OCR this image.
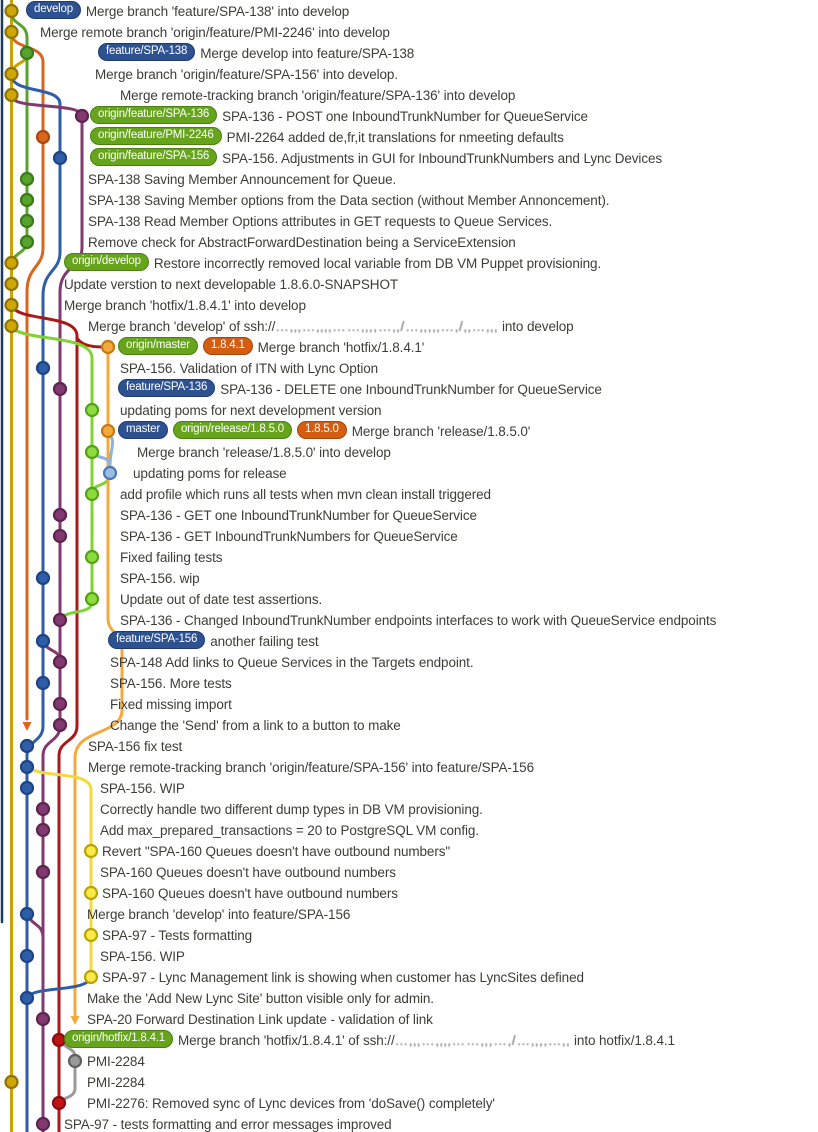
develop Merge branch 'feature/SPA-138' into develop
Merge remote branch 'origin/feature/PMI-2246' into develop
feature/SPA-138 Merge develop into feature/SPA-138
Merge branch 'origin/feature/SPA-156' into develop.
Merge remote-tracking branch 'origin/feature/SPA-136' into develop
origin/feature/SPA-136 SPA-136 - POST one InboundTrunkNumber for QueueService
origin/feature/PMI-2246 PMI-2264 added de,fr,it translations for nmeeting defaults
origin/feature/SPA-156 SPA-156. Adjustments in GUI for InboundTrunkNumbers and Lync Devices
SPA-138 Saving Member Announcement for Queue.
SPA-138 Saving Member options from the Data section (without Member Annoncement).
SPA-138 Read Member Options attributes in GET requests to Queue Services.
Remove check for AbstractForwardDestination being a ServiceExtension
origin/develop Restore incorrectly removed local variable from DB VM Puppet provisioning.
Update verstion to next developable 1.8.6.0-SNAPSHOT
Merge branch 'hotfix/1.8.4.1' into develop
Merge branch 'develop' of ssh://…‚‚‚…‚‚‚‚……‚‚‚,…‚‚/…‚‚,‚‚…‚/‚‚…‚‚‚ into develop
origin/master 1.8.4.1 Merge branch 'hotfix/1.8.4.1'
SPA-156. Validation of ITN with Lync Option
feature/SPA-136 SPA-136 - DELETE one InboundTrunkNumber for QueueService
updating poms for next development version
master origin/release/1.8.5.0 1.8.5.0 Merge branch 'release/1.8.5.0'
Merge branch 'release/1.8.5.0' into develop
updating poms for release
add profile which runs all tests when mvn clean install triggered
SPA-136 - GET one InboundTrunkNumber for QueueService
SPA-136 - GET InboundTrunkNumbers for QueueService
Fixed failing tests
SPA-156. wip
Update out of date test assertions.
SPA-136 - Changed InboundTrunkNumber endpoints interfaces to work with QueueService endpoints
feature/SPA-156 another failing test
SPA-148 Add links to Queue Services in the Targets endpoint.
SPA-156. More tests
Fixed missing import
Change the 'Send' from a link to a button to make
SPA-156 fix test
Merge remote-tracking branch 'origin/feature/SPA-156' into feature/SPA-156
SPA-156. WIP
Correctly handle two different dump types in DB VM provisioning.
Add max_prepared_transactions = 20 to PostgreSQL VM config.
Revert "SPA-160 Queues doesn't have outbound numbers"
SPA-160 Queues doesn't have outbound numbers
SPA-160 Queues doesn't have outbound numbers
Merge branch 'develop' into feature/SPA-156
SPA-97 - Tests formatting
SPA-156. WIP
SPA-97 - Lync Management link is showing when customer has LyncSites defined
Make the 'Add New Lync Site' button visible only for admin.
SPA-20 Forward Destination Link update - validation of link
origin/hotfix/1.8.4.1 Merge branch 'hotfix/1.8.4.1' of ssh://…‚‚‚…‚‚‚‚……‚‚,…‚/…‚‚,‚…‚‚ into hotfix/1.8.4.1
PMI-2284
PMI-2284
PMI-2276: Removed sync of Lync devices from 'doSave() completely'
SPA-97 - tests formatting and error messages improved
